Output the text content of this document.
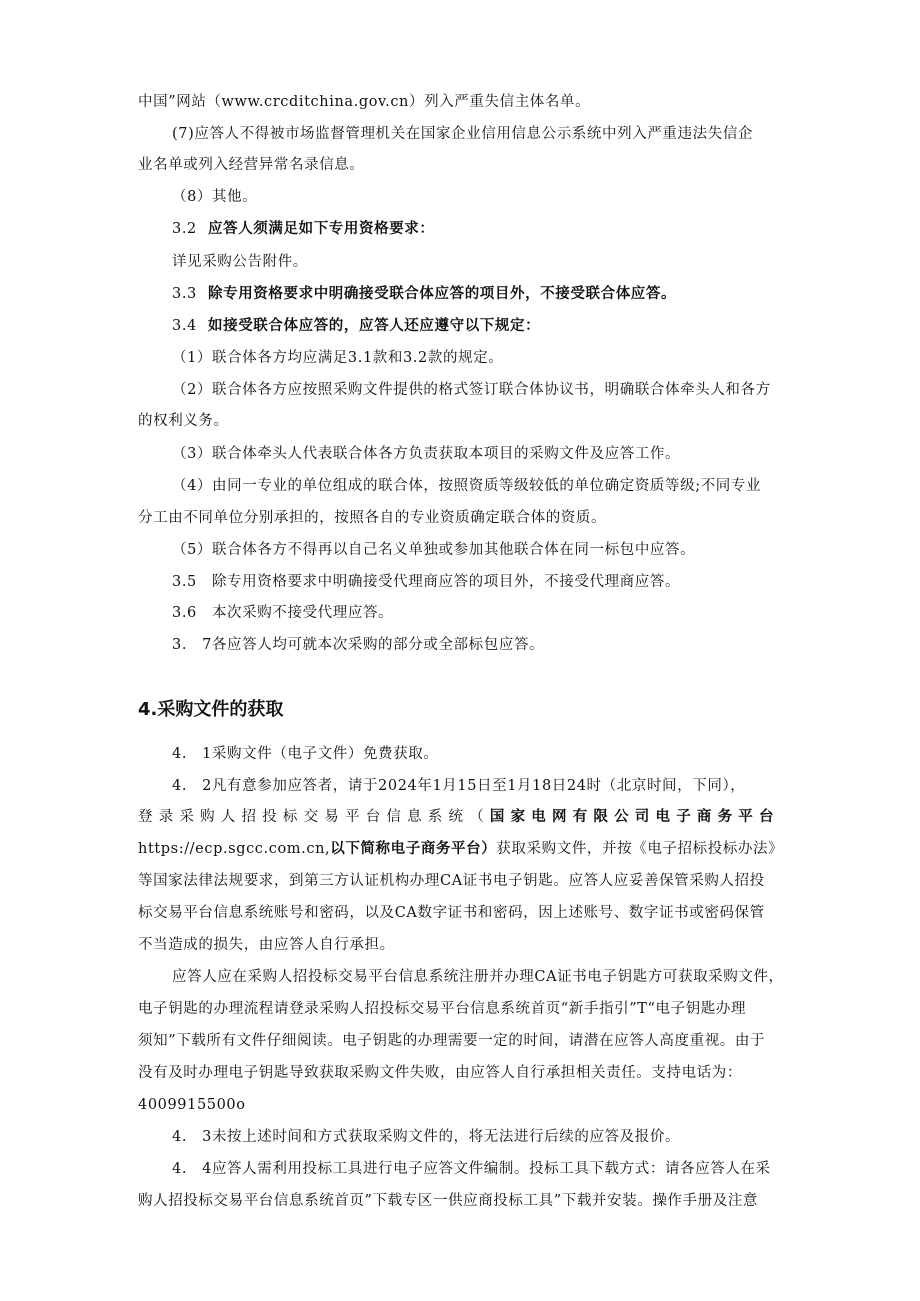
中国”网站（www.crcditchina.gov.cn）列入严重失信主体名单。
(7)应答人不得被市场监督管理机关在国家企业信用信息公示系统中列入严重违法失信企
业名单或列入经营异常名录信息。
（8）其他。
3.2 应答人须满足如下专用资格要求：
详见采购公告附件。
3.3 除专用资格要求中明确接受联合体应答的项目外，不接受联合体应答。
3.4 如接受联合体应答的，应答人还应遵守以下规定：
（1）联合体各方均应满足3.1款和3.2款的规定。
（2）联合体各方应按照采购文件提供的格式签订联合体协议书，明确联合体牵头人和各方
的权利义务。
（3）联合体牵头人代表联合体各方负责获取本项目的采购文件及应答工作。
（4）由同一专业的单位组成的联合体，按照资质等级较低的单位确定资质等级;不同专业
分工由不同单位分别承担的，按照各自的专业资质确定联合体的资质。
（5）联合体各方不得再以自己名义单独或参加其他联合体在同一标包中应答。
3.5　除专用资格要求中明确接受代理商应答的项目外，不接受代理商应答。
3.6　本次采购不接受代理应答。
3.　7各应答人均可就本次采购的部分或全部标包应答。
4.采购文件的获取
4.　1采购文件（电子文件）免费获取。
4.　2凡有意参加应答者，请于2024年1月15日至1月18日24时（北京时间，下同），
登录采购人招投标交易平台信息系统（国家电网有限公司电子商务平台
https://ecp.sgcc.com.cn,以下简称电子商务平台）获取采购文件，并按《电子招标投标办法》
等国家法律法规要求，到第三方认证机构办理CA证书电子钥匙。应答人应妥善保管采购人招投
标交易平台信息系统账号和密码，以及CA数字证书和密码，因上述账号、数字证书或密码保管
不当造成的损失，由应答人自行承担。
应答人应在采购人招投标交易平台信息系统注册并办理CA证书电子钥匙方可获取采购文件，
电子钥匙的办理流程请登录采购人招投标交易平台信息系统首页“新手指引”T“电子钥匙办理
须知”下载所有文件仔细阅读。电子钥匙的办理需要一定的时间，请潜在应答人高度重视。由于
没有及时办理电子钥匙导致获取采购文件失败，由应答人自行承担相关责任。支持电话为：
4009915500o
4.　3未按上述时间和方式获取采购文件的，将无法进行后续的应答及报价。
4.　4应答人需利用投标工具进行电子应答文件编制。投标工具下载方式：请各应答人在采
购人招投标交易平台信息系统首页”下载专区一供应商投标工具”下载并安装。操作手册及注意
